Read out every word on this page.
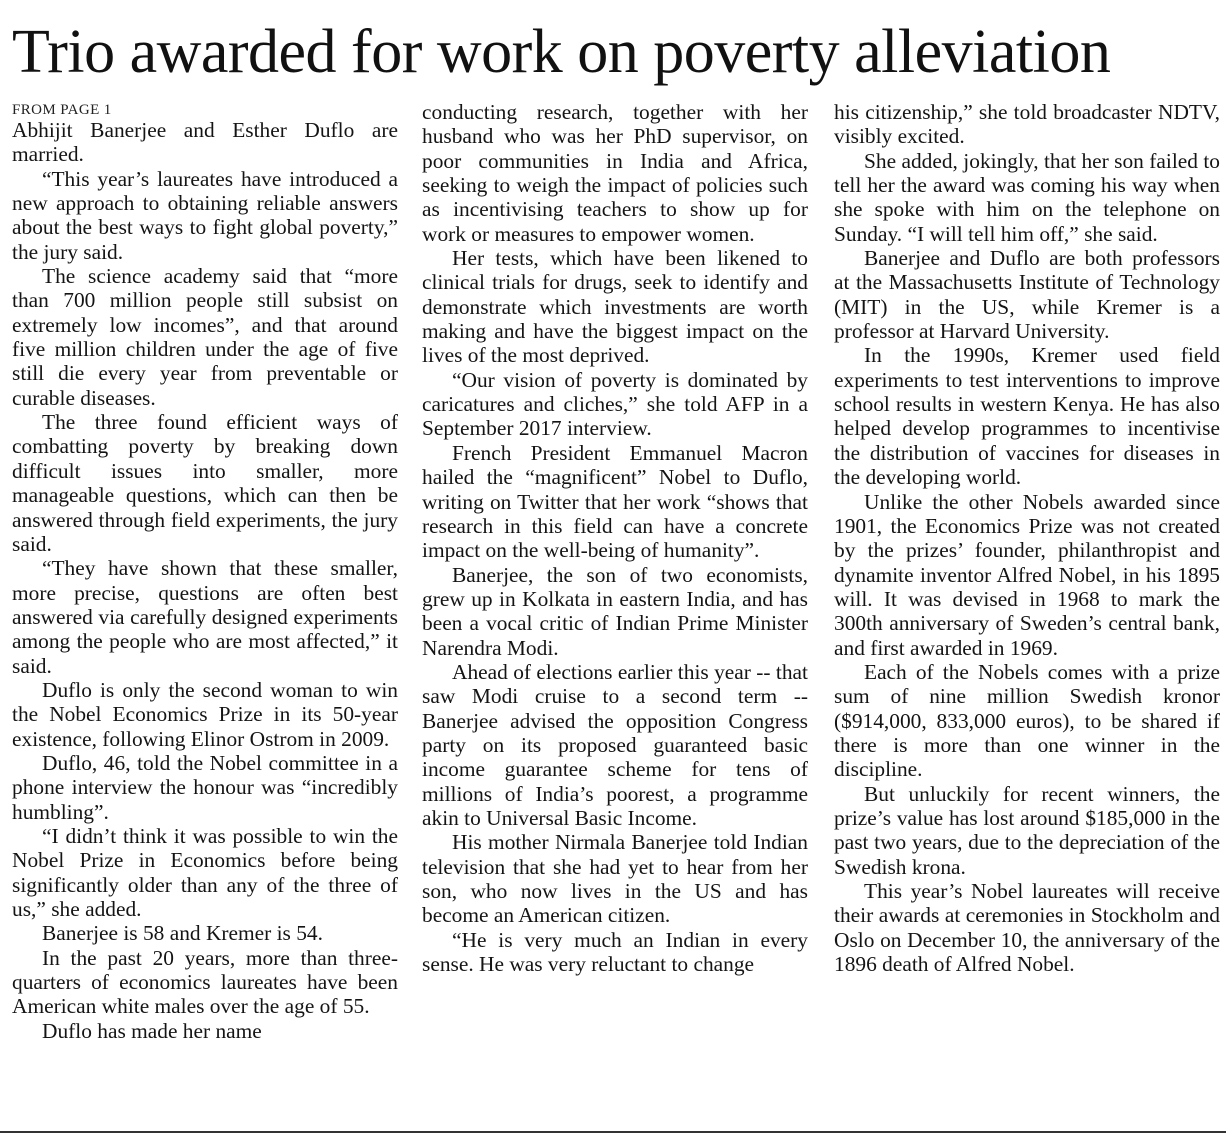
Trio awarded for work on poverty alleviation
FROM PAGE 1

Abhijit Banerjee and Esther Duflo are married.

“This year’s laureates have introduced a new approach to obtaining reliable answers about the best ways to fight global poverty,” the jury said.

The science academy said that “more than 700 million people still subsist on extremely low incomes”, and that around five million children under the age of five still die every year from preventable or curable diseases.

The three found efficient ways of combatting poverty by breaking down difficult issues into smaller, more manageable questions, which can then be answered through field experiments, the jury said.

“They have shown that these smaller, more precise, questions are often best answered via carefully designed experiments among the people who are most affected,” it said.

Duflo is only the second woman to win the Nobel Economics Prize in its 50-year existence, following Elinor Ostrom in 2009.

Duflo, 46, told the Nobel committee in a phone interview the honour was “incredibly humbling”.

“I didn’t think it was possible to win the Nobel Prize in Economics before being significantly older than any of the three of us,” she added.

Banerjee is 58 and Kremer is 54.

In the past 20 years, more than three-quarters of economics laureates have been American white males over the age of 55.

Duflo has made her name

conducting research, together with her husband who was her PhD supervisor, on poor communities in India and Africa, seeking to weigh the impact of policies such as incentivising teachers to show up for work or measures to empower women.

Her tests, which have been likened to clinical trials for drugs, seek to identify and demonstrate which investments are worth making and have the biggest impact on the lives of the most deprived.

“Our vision of poverty is dominated by caricatures and cliches,” she told AFP in a September 2017 interview.

French President Emmanuel Macron hailed the “magnificent” Nobel to Duflo, writing on Twitter that her work “shows that research in this field can have a concrete impact on the well-being of humanity”.

Banerjee, the son of two economists, grew up in Kolkata in eastern India, and has been a vocal critic of Indian Prime Minister Narendra Modi.

Ahead of elections earlier this year -- that saw Modi cruise to a second term -- Banerjee advised the opposition Congress party on its proposed guaranteed basic income guarantee scheme for tens of millions of India’s poorest, a programme akin to Universal Basic Income.

His mother Nirmala Banerjee told Indian television that she had yet to hear from her son, who now lives in the US and has become an American citizen.

“He is very much an Indian in every sense. He was very reluctant to change

his citizenship,” she told broadcaster NDTV, visibly excited.

She added, jokingly, that her son failed to tell her the award was coming his way when she spoke with him on the telephone on Sunday. “I will tell him off,” she said.

Banerjee and Duflo are both professors at the Massachusetts Institute of Technology (MIT) in the US, while Kremer is a professor at Harvard University.

In the 1990s, Kremer used field experiments to test interventions to improve school results in western Kenya. He has also helped develop programmes to incentivise the distribution of vaccines for diseases in the developing world.

Unlike the other Nobels awarded since 1901, the Economics Prize was not created by the prizes’ founder, philanthropist and dynamite inventor Alfred Nobel, in his 1895 will. It was devised in 1968 to mark the 300th anniversary of Sweden’s central bank, and first awarded in 1969.

Each of the Nobels comes with a prize sum of nine million Swedish kronor ($914,000, 833,000 euros), to be shared if there is more than one winner in the discipline.

But unluckily for recent winners, the prize’s value has lost around $185,000 in the past two years, due to the depreciation of the Swedish krona.

This year’s Nobel laureates will receive their awards at ceremonies in Stockholm and Oslo on December 10, the anniversary of the 1896 death of Alfred Nobel.
